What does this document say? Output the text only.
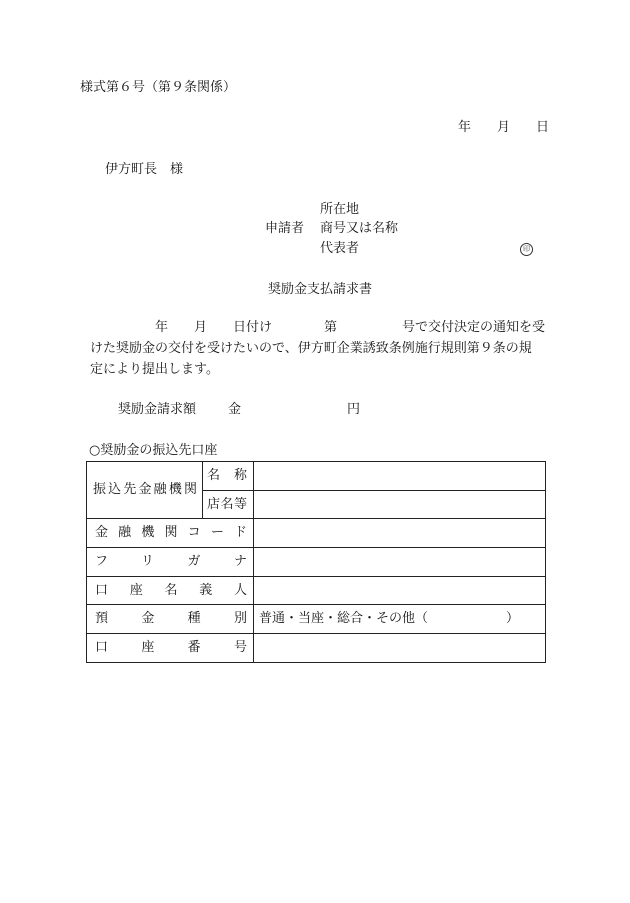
様式第６号（第９条関係）
年　　月　　日
伊方町長　様
所在地
申請者 商号又は名称
代表者	印
奨励金支払請求書
　　　　　年　　月　　日付け　　　　第　　　　　号で交付決定の通知を受
けた奨励金の交付を受けたいので、伊方町企業誘致条例施行規則第９条の規
定により提出します。
奨励金請求額 金	円
○奨励金の振込先口座
振込先金融機関	名　称	

	店名等	

金融機関コード		

フリガナ		

口座名義人		

預金種別		普通・当座・総合・その他（　　　　　　）

口座番号		
